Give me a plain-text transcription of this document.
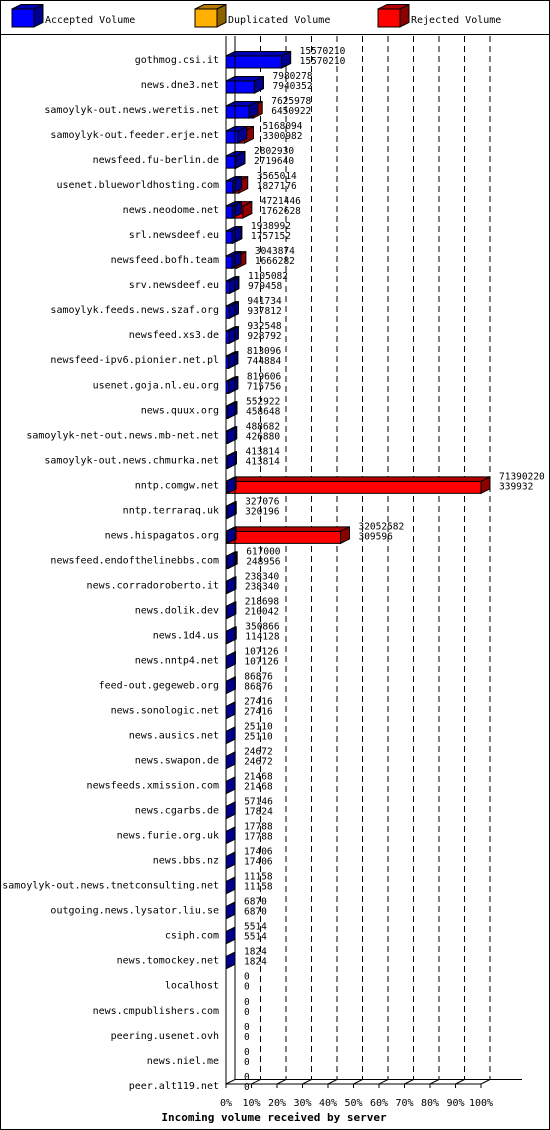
Accepted Volume	Duplicated Volume	Rejected Volume
gothmog.csi.it
15570210
15570210
news.dne3.net
7980278
7940352
samoylyk-out.news.weretis.net
7625978
6450922
samoylyk-out.feeder.erje.net
5168094
3300982
newsfeed.fu-berlin.de
2802930
2719640
usenet.blueworldhosting.com
3565014
1827176
news.neodome.net
4721446
1762628
srl.newsdeef.eu
1938992
1757152
newsfeed.bofh.team
3043874
1666282
srv.newsdeef.eu
1105082
979458
samoylyk.feeds.news.szaf.org
941734
937812
newsfeed.xs3.de
932548
928792
newsfeed-ipv6.pionier.net.pl
813096
744884
usenet.goja.nl.eu.org
819606
715756
news.quux.org
552922
458648
samoylyk-net-out.news.mb-net.net
488682
426880
samoylyk-out.news.chmurka.net
413814
413814
nntp.comgw.net
71390220
339932
nntp.terraraq.uk
327076
320196
news.hispagatos.org
32052582
309596
newsfeed.endofthelinebbs.com
617000
248956
news.corradoroberto.it
238340
238340
news.dolik.dev
218698
210042
news.1d4.us
350866
114128
news.nntp4.net
107126
107126
feed-out.gegeweb.org
86876
86876
news.sonologic.net
27416
27416
news.ausics.net
25110
25110
news.swapon.de
24672
24672
newsfeeds.xmission.com
21468
21468
news.cgarbs.de
57146
17824
news.furie.org.uk
17788
17788
news.bbs.nz
17406
17406
samoylyk-out.news.tnetconsulting.net
11158
11158
outgoing.news.lysator.liu.se
6870
6870
csiph.com
5514
5514
news.tomockey.net
1824
1824
localhost
0
0
news.cmpublishers.com
0
0
peering.usenet.ovh
0
0
news.niel.me
0
0
peer.alt119.net
0
0
0% 10% 20% 30% 40% 50% 60% 70% 80% 90% 100%
Incoming volume received by server
